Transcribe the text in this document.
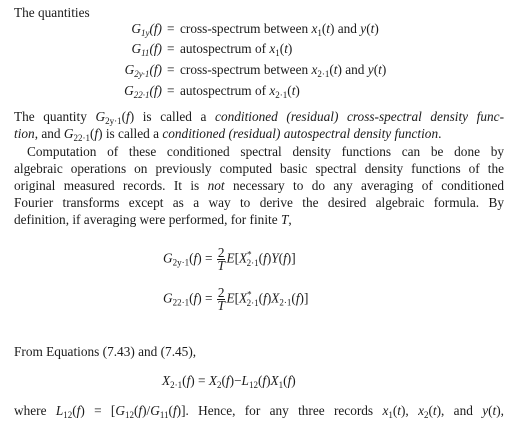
The quantities
$G_{1y}(f)$ = cross-spectrum between $x_1(t)$ and y(t)
$G_{11}(f)$ = autospectrum of $x_1(t)$
$G_{2y\cdot 1}(f)$ = cross-spectrum between $x_{2\cdot 1}(t)$ and y(t)
$G_{22\cdot 1}(f)$ = autospectrum of $x_{2\cdot 1}(t)$
The quantity $G_{2y\cdot 1}(f)$ is called a conditioned (residual) cross-spectral density func-
tion, and $G_{22\cdot 1}(f)$ is called a conditioned (residual) autospectral density function.
Computation of these conditioned spectral density functions can be done by
algebraic operations on previously computed basic spectral density functions of the
original measured records. It is not necessary to do any averaging of conditioned
Fourier transforms except as a way to derive the desired algebraic formula. By
definition, if averaging were performed, for finite T,
$G_{2y\cdot 1}(f) = \frac{2}{T} E[X^*_{2\cdot 1}(f)Y(f)]$
$G_{22\cdot 1}(f) = \frac{2}{T} E[X^*_{2\cdot 1}(f)X_{2\cdot 1}(f)]$
From Equations (7.43) and (7.45),
$X_{2\cdot 1}(f) = X_2(f)-L_{12}(f)X_1(f)$
where $L_{12}(f) = [G_{12}(f)/G_{11}(f)]$. Hence, for any three records $x_1(t)$, $x_2(t)$, and y(t),
